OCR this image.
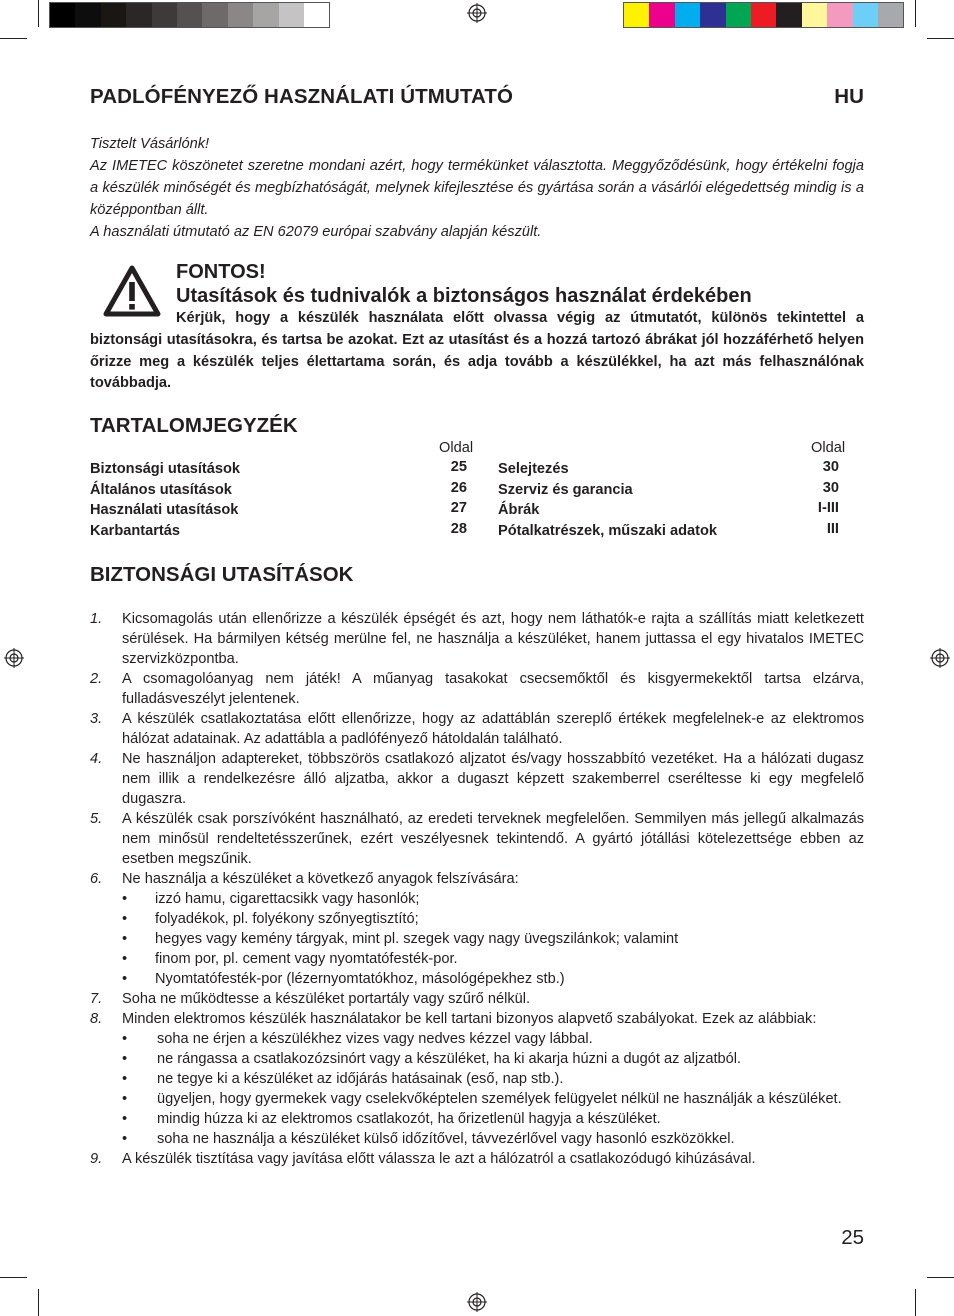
PADLÓFÉNYEZŐ HASZNÁLATI ÚTMUTATÓ	HU

Tisztelt Vásárlónk!

Az IMETEC köszönetet szeretne mondani azért, hogy termékünket választotta. Meggyőződésünk, hogy értékelni fogja a készülék minőségét és megbízhatóságát, melynek kifejlesztése és gyártása során a vásárlói elégedettség mindig is a középpontban állt.

A használati útmutató az EN 62079 európai szabvány alapján készült.

FONTOS!
Utasítások és tudnivalók a biztonságos használat érdekében
Kérjük, hogy a készülék használata előtt olvassa végig az útmutatót, különös tekintettel a biztonsági utasításokra, és tartsa be azokat. Ezt az utasítást és a hozzá tartozó ábrákat jól hozzáférhető helyen őrizze meg a készülék teljes élettartama során, és adja tovább a készülékkel, ha azt más felhasználónak továbbadja.
TARTALOMJEGYZÉK
Oldal	Oldal
Biztonsági utasítások	25
Általános utasítások	26
Használati utasítások	27
Karbantartás	28
Selejtezés	30
Szerviz és garancia	30
Ábrák	I-III
Pótalkatrészek, műszaki adatok	III
BIZTONSÁGI UTASÍTÁSOK
1. Kicsomagolás után ellenőrizze a készülék épségét és azt, hogy nem láthatók-e rajta a szállítás miatt keletkezett sérülések. Ha bármilyen kétség merülne fel, ne használja a készüléket, hanem juttassa el egy hivatalos IMETEC szervizközpontba.
2. A csomagolóanyag nem játék! A műanyag tasakokat csecsemőktől és kisgyermekektől tartsa elzárva, fulladásveszélyt jelentenek.
3. A készülék csatlakoztatása előtt ellenőrizze, hogy az adattáblán szereplő értékek megfelelnek-e az elektromos hálózat adatainak. Az adattábla a padlófényező hátoldalán található.
4. Ne használjon adaptereket, többszörös csatlakozó aljzatot és/vagy hosszabbító vezetéket. Ha a hálózati dugasz nem illik a rendelkezésre álló aljzatba, akkor a dugaszt képzett szakemberrel cseréltesse ki egy megfelelő dugaszra.
5. A készülék csak porszívóként használható, az eredeti terveknek megfelelően. Semmilyen más jellegű alkalmazás nem minősül rendeltetésszerűnek, ezért veszélyesnek tekintendő. A gyártó jótállási kötelezettsége ebben az esetben megszűnik.
6. Ne használja a készüléket a következő anyagok felszívására:
• izzó hamu, cigarettacsikk vagy hasonlók;
• folyadékok, pl. folyékony szőnyegtisztító;
• hegyes vagy kemény tárgyak, mint pl. szegek vagy nagy üvegszilánkok; valamint
• finom por, pl. cement vagy nyomtatófesték-por.
• Nyomtatófesték-por (lézernyomtatókhoz, másológépekhez stb.)
7. Soha ne működtesse a készüléket portartály vagy szűrő nélkül.
8. Minden elektromos készülék használatakor be kell tartani bizonyos alapvető szabályokat. Ezek az alábbiak:
• soha ne érjen a készülékhez vizes vagy nedves kézzel vagy lábbal.
• ne rángassa a csatlakozózsinórt vagy a készüléket, ha ki akarja húzni a dugót az aljzatból.
• ne tegye ki a készüléket az időjárás hatásainak (eső, nap stb.).
• ügyeljen, hogy gyermekek vagy cselekvőképtelen személyek felügyelet nélkül ne használják a készüléket.
• mindig húzza ki az elektromos csatlakozót, ha őrizetlenül hagyja a készüléket.
• soha ne használja a készüléket külső időzítővel, távvezérlővel vagy hasonló eszközökkel.
9. A készülék tisztítása vagy javítása előtt válassza le azt a hálózatról a csatlakozódugó kihúzásával.
25
